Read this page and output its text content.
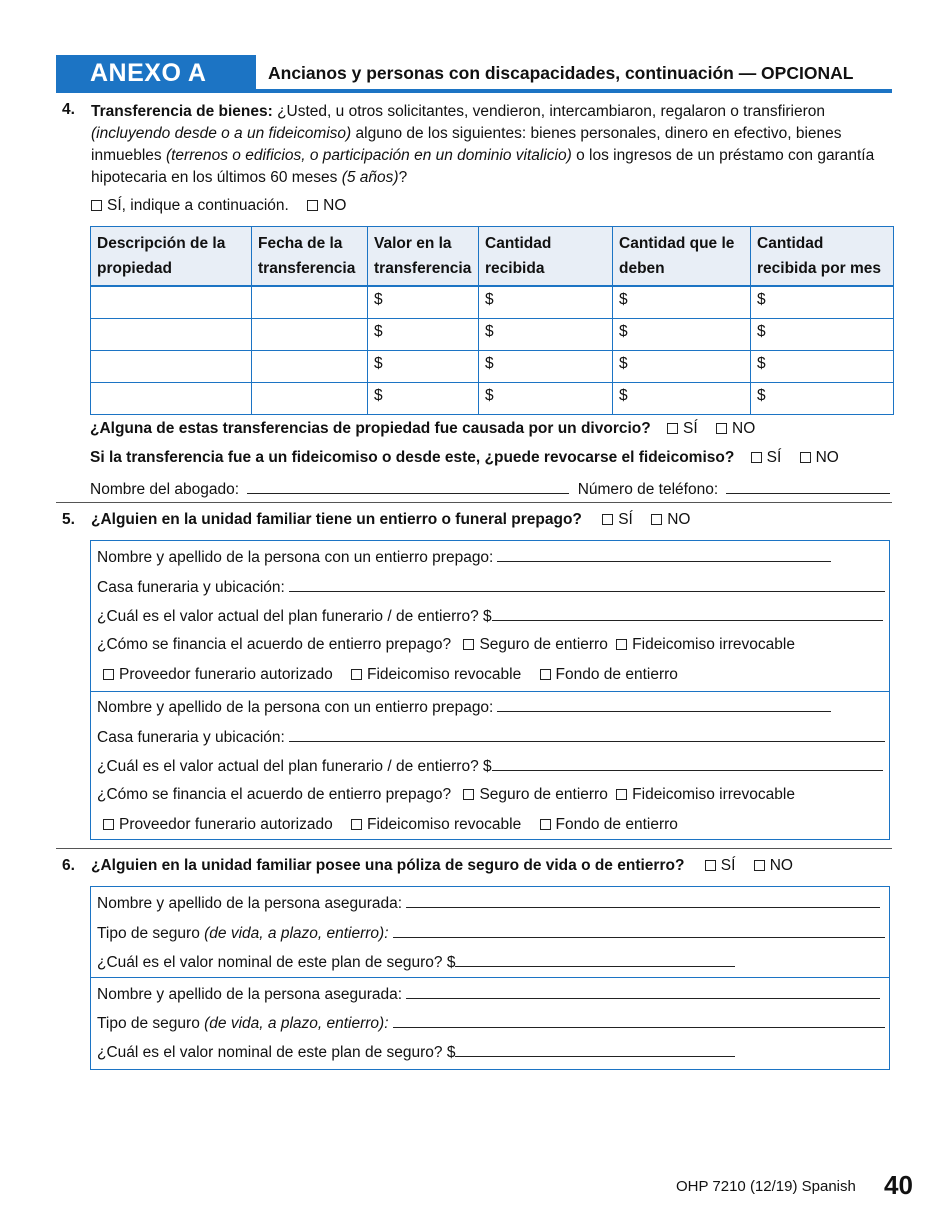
ANEXO A	Ancianos y personas con discapacidades, continuación — OPCIONAL
4. Transferencia de bienes: ¿Usted, u otros solicitantes, vendieron, intercambiaron, regalaron o transfirieron (incluyendo desde o a un fideicomiso) alguno de los siguientes: bienes personales, dinero en efectivo, bienes inmuebles (terrenos o edificios, o participación en un dominio vitalicio) o los ingresos de un préstamo con garantía hipotecaria en los últimos 60 meses (5 años)?
SÍ, indique a continuación. NO
Descripción de la propiedad	Fecha de la transferencia	Valor en la transferencia	Cantidad recibida	Cantidad que le deben	Cantidad recibida por mes
		$	$	$	$
		$	$	$	$
		$	$	$	$
		$	$	$	$
¿Alguna de estas transferencias de propiedad fue causada por un divorcio? SÍ NO
Si la transferencia fue a un fideicomiso o desde este, ¿puede revocarse el fideicomiso? SÍ NO
Nombre del abogado:	Número de teléfono:
5. ¿Alguien en la unidad familiar tiene un entierro o funeral prepago? SÍ NO
Nombre y apellido de la persona con un entierro prepago:
Casa funeraria y ubicación:
¿Cuál es el valor actual del plan funerario / de entierro? $
¿Cómo se financia el acuerdo de entierro prepago? Seguro de entierro Fideicomiso irrevocable
Proveedor funerario autorizado Fideicomiso revocable Fondo de entierro
Nombre y apellido de la persona con un entierro prepago:
Casa funeraria y ubicación:
¿Cuál es el valor actual del plan funerario / de entierro? $
¿Cómo se financia el acuerdo de entierro prepago? Seguro de entierro Fideicomiso irrevocable
Proveedor funerario autorizado Fideicomiso revocable Fondo de entierro
6. ¿Alguien en la unidad familiar posee una póliza de seguro de vida o de entierro? SÍ NO
Nombre y apellido de la persona asegurada:
Tipo de seguro (de vida, a plazo, entierro):
¿Cuál es el valor nominal de este plan de seguro? $
Nombre y apellido de la persona asegurada:
Tipo de seguro (de vida, a plazo, entierro):
¿Cuál es el valor nominal de este plan de seguro? $
OHP 7210 (12/19) Spanish 40
